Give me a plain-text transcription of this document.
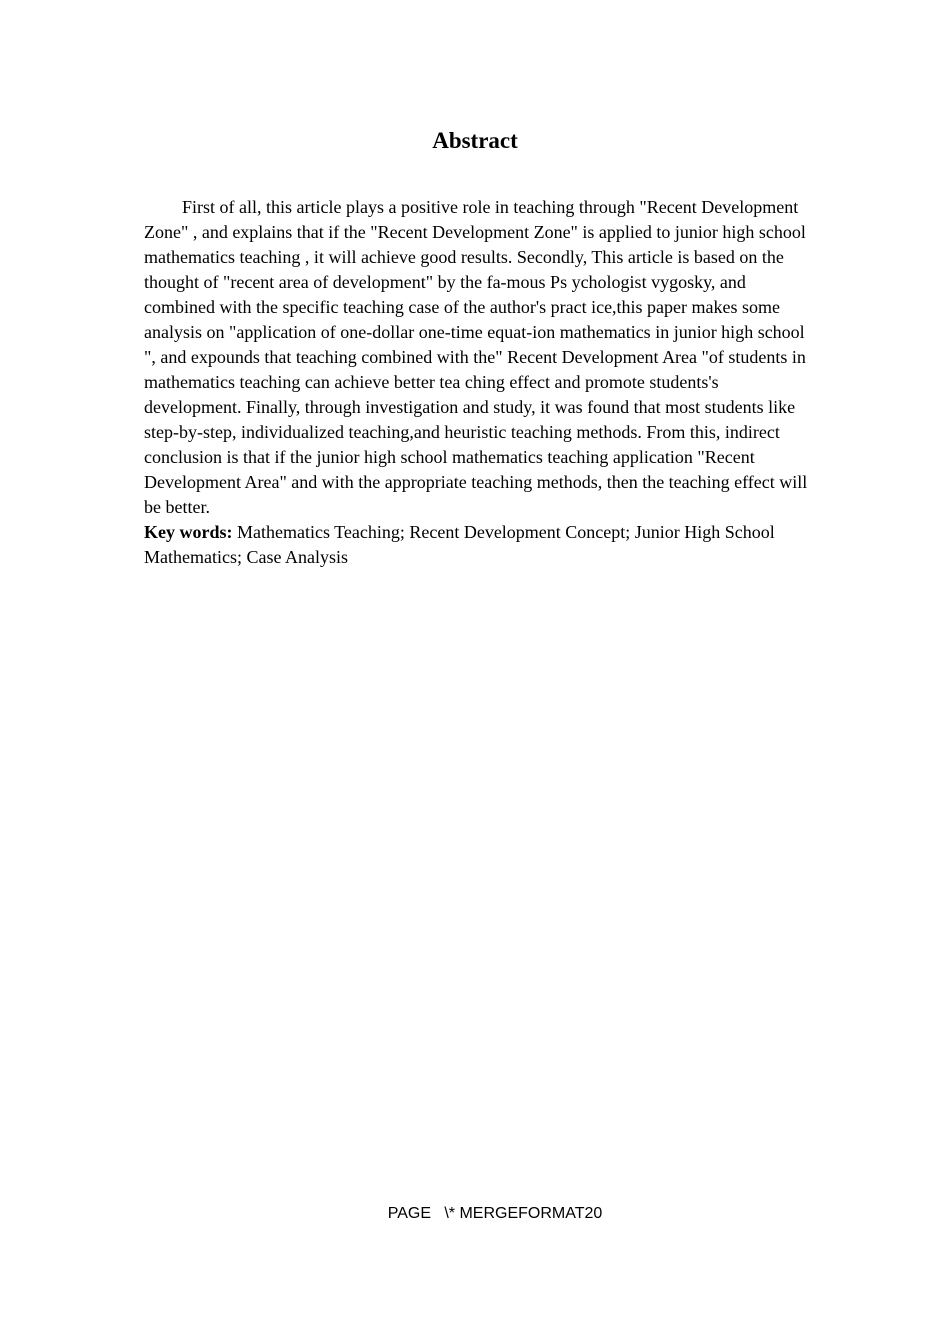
Abstract

First of all, this article plays a positive role in teaching through "Recent Development Zone" , and explains that if the "Recent Development Zone" is applied to junior high school mathematics teaching , it will achieve good results. Secondly, This article is based on the thought of "recent area of development" by the fa-mous Ps ychologist vygosky, and combined with the specific teaching case of the author's pract ice,this paper makes some analysis on "application of one-dollar one-time equat-ion mathematics in junior high school ", and expounds that teaching combined with the" Recent Development Area "of students in mathematics teaching can achieve better tea ching effect and promote students's development. Finally, through investigation and study, it was found that most students like step-by-step, individualized teaching,and heuristic teaching methods. From this, indirect conclusion is that if the junior high school mathematics teaching application "Recent Development Area" and with the appropriate teaching methods, then the teaching effect will be better.

Key words: Mathematics Teaching; Recent Development Concept; Junior High School Mathematics; Case Analysis

PAGE   \* MERGEFORMAT20
